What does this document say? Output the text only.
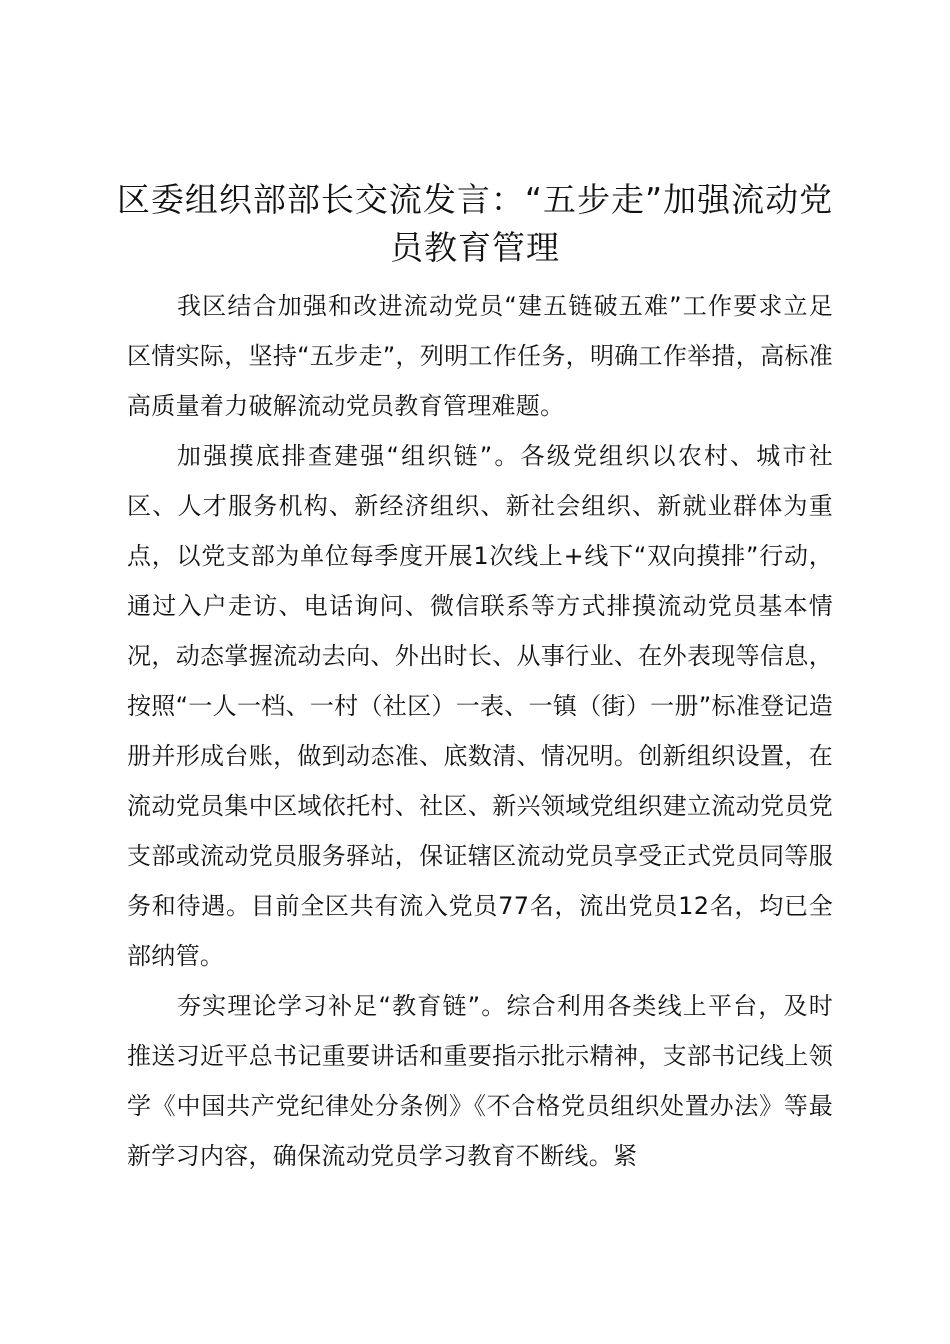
区委组织部部长交流发言：“五步走”加强流动党员教育管理

我区结合加强和改进流动党员“建五链破五难”工作要求立足区情实际，坚持“五步走”，列明工作任务，明确工作举措，高标准高质量着力破解流动党员教育管理难题。

加强摸底排查建强“组织链”。各级党组织以农村、城市社区、人才服务机构、新经济组织、新社会组织、新就业群体为重点，以党支部为单位每季度开展1次线上+线下“双向摸排”行动，通过入户走访、电话询问、微信联系等方式排摸流动党员基本情况，动态掌握流动去向、外出时长、从事行业、在外表现等信息，按照“一人一档、一村（社区）一表、一镇（街）一册”标准登记造册并形成台账，做到动态准、底数清、情况明。创新组织设置，在流动党员集中区域依托村、社区、新兴领域党组织建立流动党员党支部或流动党员服务驿站，保证辖区流动党员享受正式党员同等服务和待遇。目前全区共有流入党员77名，流出党员12名，均已全部纳管。

夯实理论学习补足“教育链”。综合利用各类线上平台，及时推送习近平总书记重要讲话和重要指示批示精神，支部书记线上领学《中国共产党纪律处分条例》《不合格党员组织处置办法》等最新学习内容，确保流动党员学习教育不断线。紧
